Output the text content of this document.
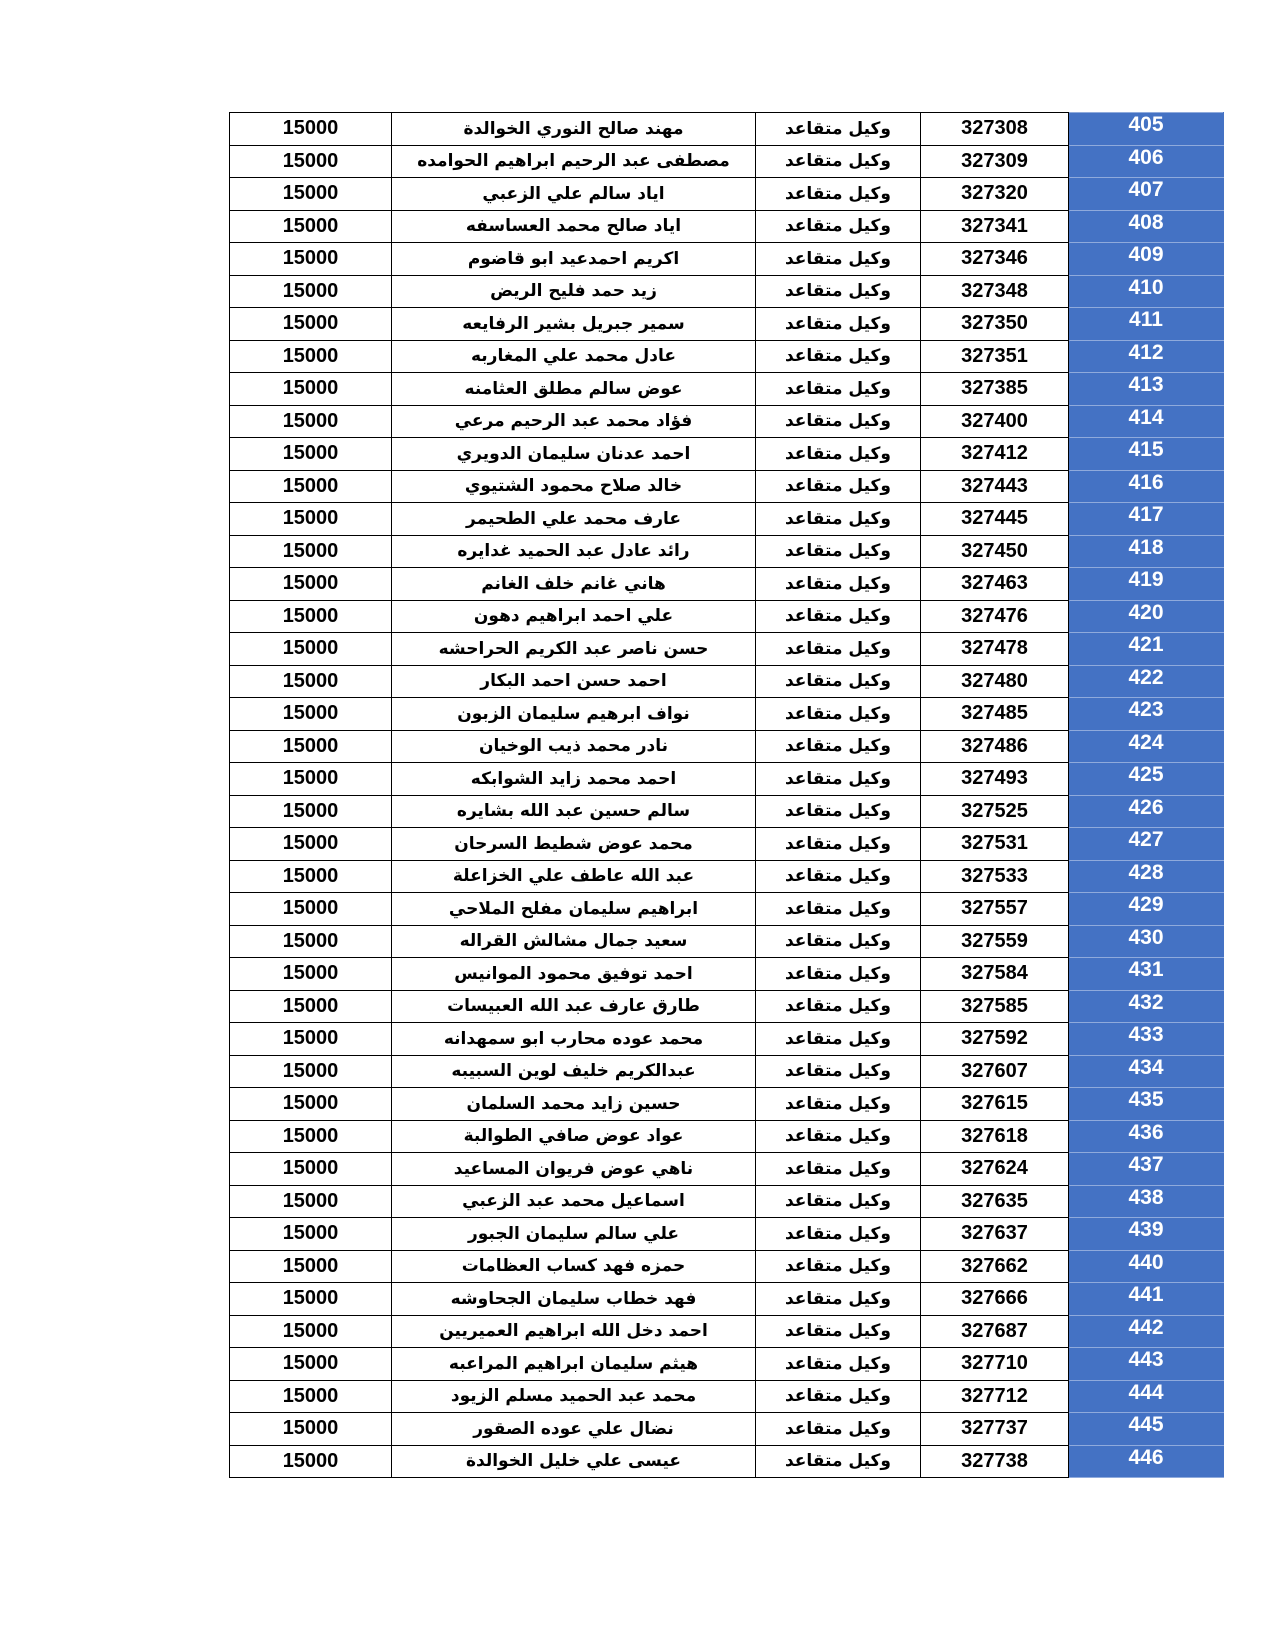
15000	مهند صالح النوري الخوالدة	وكيل متقاعد	327308	405
15000	مصطفى عبد الرحيم ابراهيم الحوامده	وكيل متقاعد	327309	406
15000	اياد سالم علي الزعبي	وكيل متقاعد	327320	407
15000	اياد صالح محمد العساسفه	وكيل متقاعد	327341	408
15000	اكريم احمدعيد ابو قاضوم	وكيل متقاعد	327346	409
15000	زيد حمد فليح الريض	وكيل متقاعد	327348	410
15000	سمير جبريل بشير الرفايعه	وكيل متقاعد	327350	411
15000	عادل محمد علي المغاربه	وكيل متقاعد	327351	412
15000	عوض سالم مطلق العثامنه	وكيل متقاعد	327385	413
15000	فؤاد محمد عبد الرحيم مرعي	وكيل متقاعد	327400	414
15000	احمد عدنان سليمان الدويري	وكيل متقاعد	327412	415
15000	خالد صلاح محمود الشتيوي	وكيل متقاعد	327443	416
15000	عارف محمد علي الطحيمر	وكيل متقاعد	327445	417
15000	رائد عادل عبد الحميد غدايره	وكيل متقاعد	327450	418
15000	هاني غانم خلف الغانم	وكيل متقاعد	327463	419
15000	علي احمد ابراهيم دهون	وكيل متقاعد	327476	420
15000	حسن ناصر عبد الكريم الحراحشه	وكيل متقاعد	327478	421
15000	احمد حسن احمد البكار	وكيل متقاعد	327480	422
15000	نواف ابرهيم سليمان الزبون	وكيل متقاعد	327485	423
15000	نادر محمد ذيب الوخيان	وكيل متقاعد	327486	424
15000	احمد محمد زايد الشوابكه	وكيل متقاعد	327493	425
15000	سالم حسين عبد الله بشايره	وكيل متقاعد	327525	426
15000	محمد عوض شطيط السرحان	وكيل متقاعد	327531	427
15000	عبد الله عاطف علي الخزاعلة	وكيل متقاعد	327533	428
15000	ابراهيم سليمان مفلح الملاحي	وكيل متقاعد	327557	429
15000	سعيد جمال مشالش القراله	وكيل متقاعد	327559	430
15000	احمد توفيق محمود الموانيس	وكيل متقاعد	327584	431
15000	طارق عارف عبد الله العبيسات	وكيل متقاعد	327585	432
15000	محمد عوده محارب ابو سمهدانه	وكيل متقاعد	327592	433
15000	عبدالكريم خليف لوين السبيبه	وكيل متقاعد	327607	434
15000	حسين زايد محمد السلمان	وكيل متقاعد	327615	435
15000	عواد عوض صافي الطوالبة	وكيل متقاعد	327618	436
15000	ناهي عوض فريوان المساعيد	وكيل متقاعد	327624	437
15000	اسماعيل محمد عبد الزعبي	وكيل متقاعد	327635	438
15000	علي سالم سليمان الجبور	وكيل متقاعد	327637	439
15000	حمزه فهد كساب العظامات	وكيل متقاعد	327662	440
15000	فهد خطاب سليمان الجحاوشه	وكيل متقاعد	327666	441
15000	احمد دخل الله ابراهيم العميريين	وكيل متقاعد	327687	442
15000	هيثم سليمان ابراهيم المراعبه	وكيل متقاعد	327710	443
15000	محمد عبد الحميد مسلم الزيود	وكيل متقاعد	327712	444
15000	نضال علي عوده الصقور	وكيل متقاعد	327737	445
15000	عيسى علي خليل الخوالدة	وكيل متقاعد	327738	446
